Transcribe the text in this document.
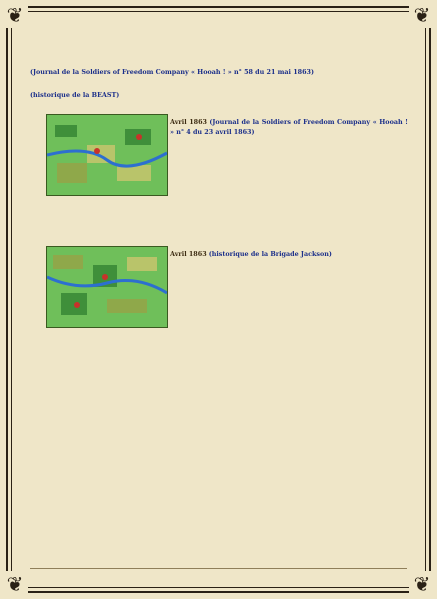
❦	❦
❦	❦

(Journal de la Soldiers of Freedom Company « Hooah ! » n° 58 du 21 mai 1863)

(historique de la BEAST)

Avril 1863 (Journal de la Soldiers of Freedom Company « Hooah ! » n° 4 du 23 avril 1863)
Avril 1863 (historique de la Brigade Jackson)
